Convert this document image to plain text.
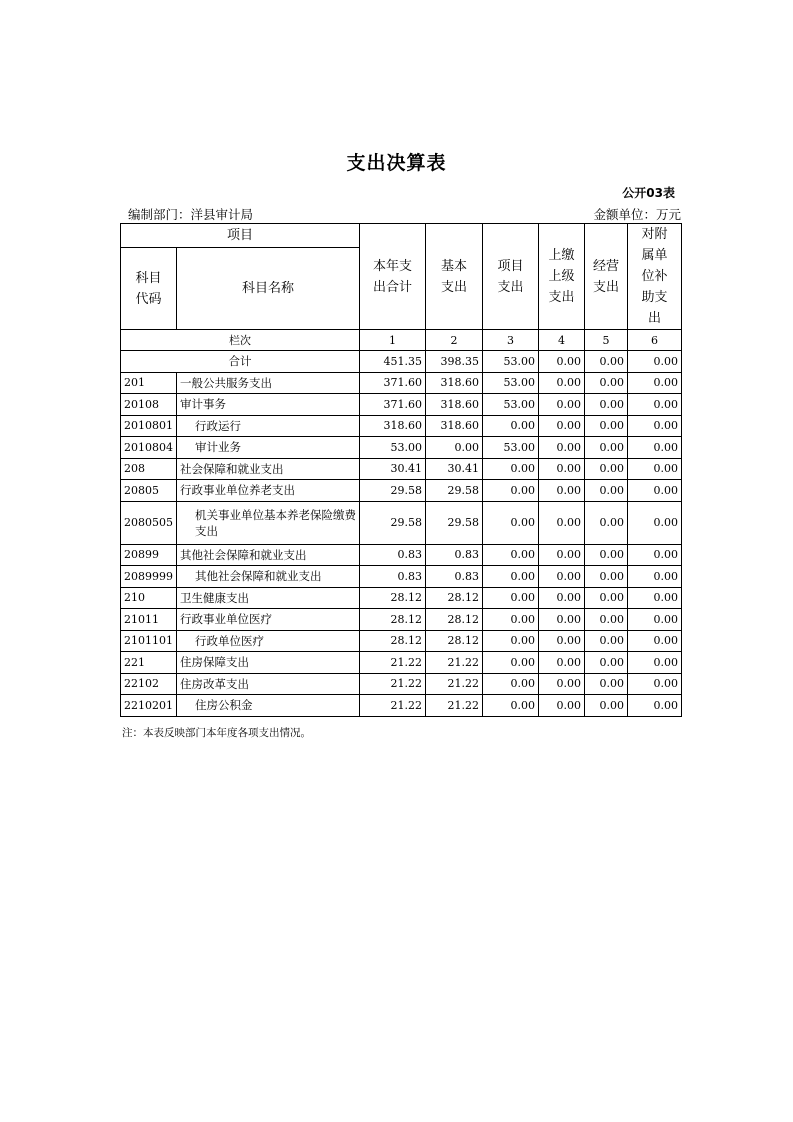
支出决算表
公开03表
编制部门：洋县审计局	金额单位：万元
项目		本年支出合计	基本支出	项目支出	上缴上级支出	经营支出	对附属单位补助支出

科目代码	科目名称						
栏次		1	2	3	4	5	6
合计		451.35	398.35	53.00	0.00	0.00	0.00
201	一般公共服务支出	371.60	318.60	53.00	0.00	0.00	0.00
20108	审计事务	371.60	318.60	53.00	0.00	0.00	0.00
2010801	行政运行	318.60	318.60	0.00	0.00	0.00	0.00
2010804	审计业务	53.00	0.00	53.00	0.00	0.00	0.00
208	社会保障和就业支出	30.41	30.41	0.00	0.00	0.00	0.00
20805	行政事业单位养老支出	29.58	29.58	0.00	0.00	0.00	0.00
2080505	机关事业单位基本养老保险缴费支出	29.58	29.58	0.00	0.00	0.00	0.00
20899	其他社会保障和就业支出	0.83	0.83	0.00	0.00	0.00	0.00
2089999	其他社会保障和就业支出	0.83	0.83	0.00	0.00	0.00	0.00
210	卫生健康支出	28.12	28.12	0.00	0.00	0.00	0.00
21011	行政事业单位医疗	28.12	28.12	0.00	0.00	0.00	0.00
2101101	行政单位医疗	28.12	28.12	0.00	0.00	0.00	0.00
221	住房保障支出	21.22	21.22	0.00	0.00	0.00	0.00
22102	住房改革支出	21.22	21.22	0.00	0.00	0.00	0.00
2210201	住房公积金	21.22	21.22	0.00	0.00	0.00	0.00
注：本表反映部门本年度各项支出情况。
